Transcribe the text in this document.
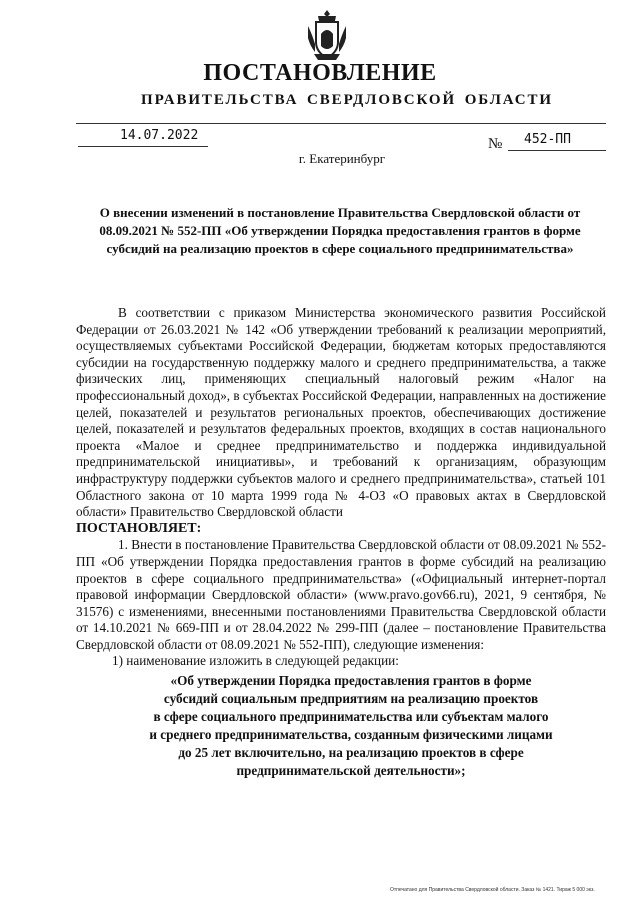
ПОСТАНОВЛЕНИЕ
ПРАВИТЕЛЬСТВА СВЕРДЛОВСКОЙ ОБЛАСТИ
14.07.2022
№ 452-ПП
г. Екатеринбург
О внесении изменений в постановление Правительства Свердловской области от 08.09.2021 № 552-ПП «Об утверждении Порядка предоставления грантов в форме субсидий на реализацию проектов в сфере социального предпринимательства»

В соответствии с приказом Министерства экономического развития Российской Федерации от 26.03.2021 № 142 «Об утверждении требований к реализации мероприятий, осуществляемых субъектами Российской Федерации, бюджетам которых предоставляются субсидии на государственную поддержку малого и среднего предпринимательства, а также физических лиц, применяющих специальный налоговый режим «Налог на профессиональный доход», в субъектах Российской Федерации, направленных на достижение целей, показателей и результатов региональных проектов, обеспечивающих достижение целей, показателей и результатов федеральных проектов, входящих в состав национального проекта «Малое и среднее предпринимательство и поддержка индивидуальной предпринимательской инициативы», и требований к организациям, образующим инфраструктуру поддержки субъектов малого и среднего предпринимательства», статьей 101 Областного закона от 10 марта 1999 года № 4-ОЗ «О правовых актах в Свердловской области» Правительство Свердловской области

ПОСТАНОВЛЯЕТ:

1. Внести в постановление Правительства Свердловской области от 08.09.2021 № 552-ПП «Об утверждении Порядка предоставления грантов в форме субсидий на реализацию проектов в сфере социального предпринимательства» («Официальный интернет-портал правовой информации Свердловской области» (www.pravo.gov66.ru), 2021, 9 сентября, № 31576) с изменениями, внесенными постановлениями Правительства Свердловской области от 14.10.2021 № 669-ПП и от 28.04.2022 № 299-ПП (далее – постановление Правительства Свердловской области от 08.09.2021 № 552-ПП), следующие изменения:

1) наименование изложить в следующей редакции:

«Об утверждении Порядка предоставления грантов в форме
субсидий социальным предприятиям на реализацию проектов
в сфере социального предпринимательства или субъектам малого
и среднего предпринимательства, созданным физическими лицами
до 25 лет включительно, на реализацию проектов в сфере
предпринимательской деятельности»;
Отпечатано для Правительства Свердловской области. Заказ № 1421. Тираж 5 000 экз.
